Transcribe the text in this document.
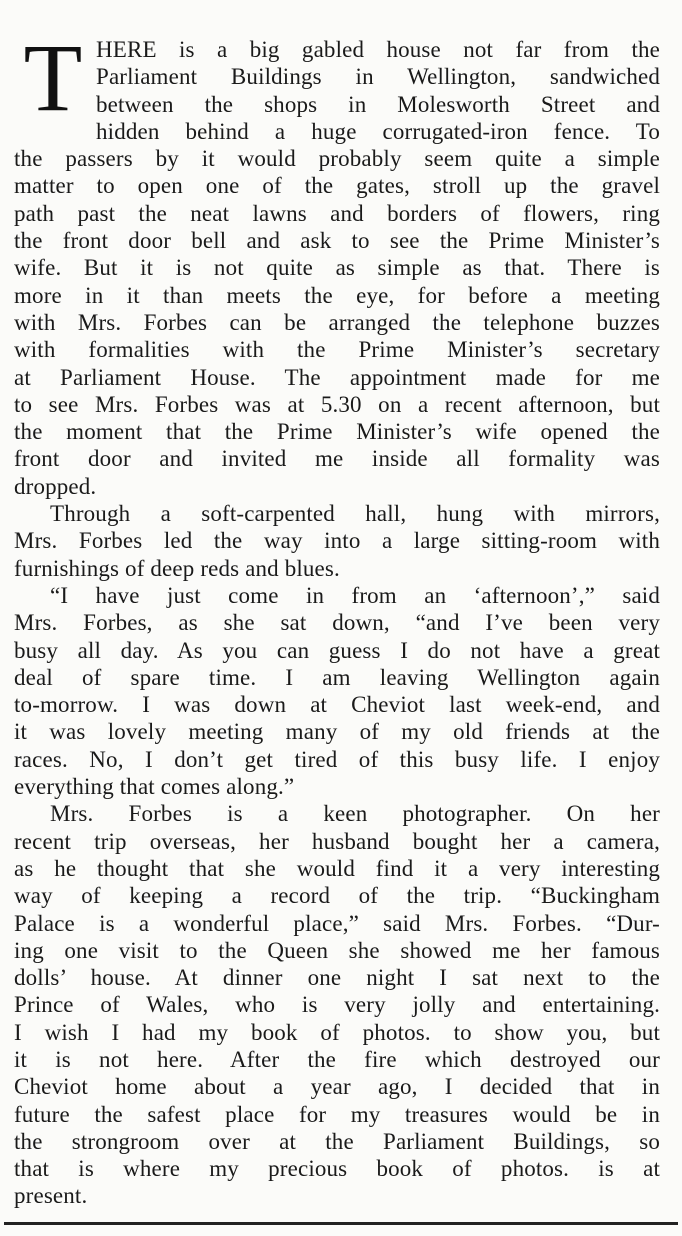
T HERE is a big gabled house not far from the
Parliament Buildings in Wellington, sandwiched
between the shops in Molesworth Street and
hidden behind a huge corrugated-iron fence. To
the passers by it would probably seem quite a simple
matter to open one of the gates, stroll up the gravel
path past the neat lawns and borders of flowers, ring
the front door bell and ask to see the Prime Minister’s
wife. But it is not quite as simple as that. There is
more in it than meets the eye, for before a meeting
with Mrs. Forbes can be arranged the telephone buzzes
with formalities with the Prime Minister’s secretary
at Parliament House. The appointment made for me
to see Mrs. Forbes was at 5.30 on a recent afternoon, but
the moment that the Prime Minister’s wife opened the
front door and invited me inside all formality was
dropped.
Through a soft-carpented hall, hung with mirrors,
Mrs. Forbes led the way into a large sitting-room with
furnishings of deep reds and blues.
“I have just come in from an ‘afternoon’,” said
Mrs. Forbes, as she sat down, “and I’ve been very
busy all day. As you can guess I do not have a great
deal of spare time. I am leaving Wellington again
to-morrow. I was down at Cheviot last week-end, and
it was lovely meeting many of my old friends at the
races. No, I don’t get tired of this busy life. I enjoy
everything that comes along.”
Mrs. Forbes is a keen photographer. On her
recent trip overseas, her husband bought her a camera,
as he thought that she would find it a very interesting
way of keeping a record of the trip. “Buckingham
Palace is a wonderful place,” said Mrs. Forbes. “Dur-
ing one visit to the Queen she showed me her famous
dolls’ house. At dinner one night I sat next to the
Prince of Wales, who is very jolly and entertaining.
I wish I had my book of photos. to show you, but
it is not here. After the fire which destroyed our
Cheviot home about a year ago, I decided that in
future the safest place for my treasures would be in
the strongroom over at the Parliament Buildings, so
that is where my precious book of photos. is at
present.
